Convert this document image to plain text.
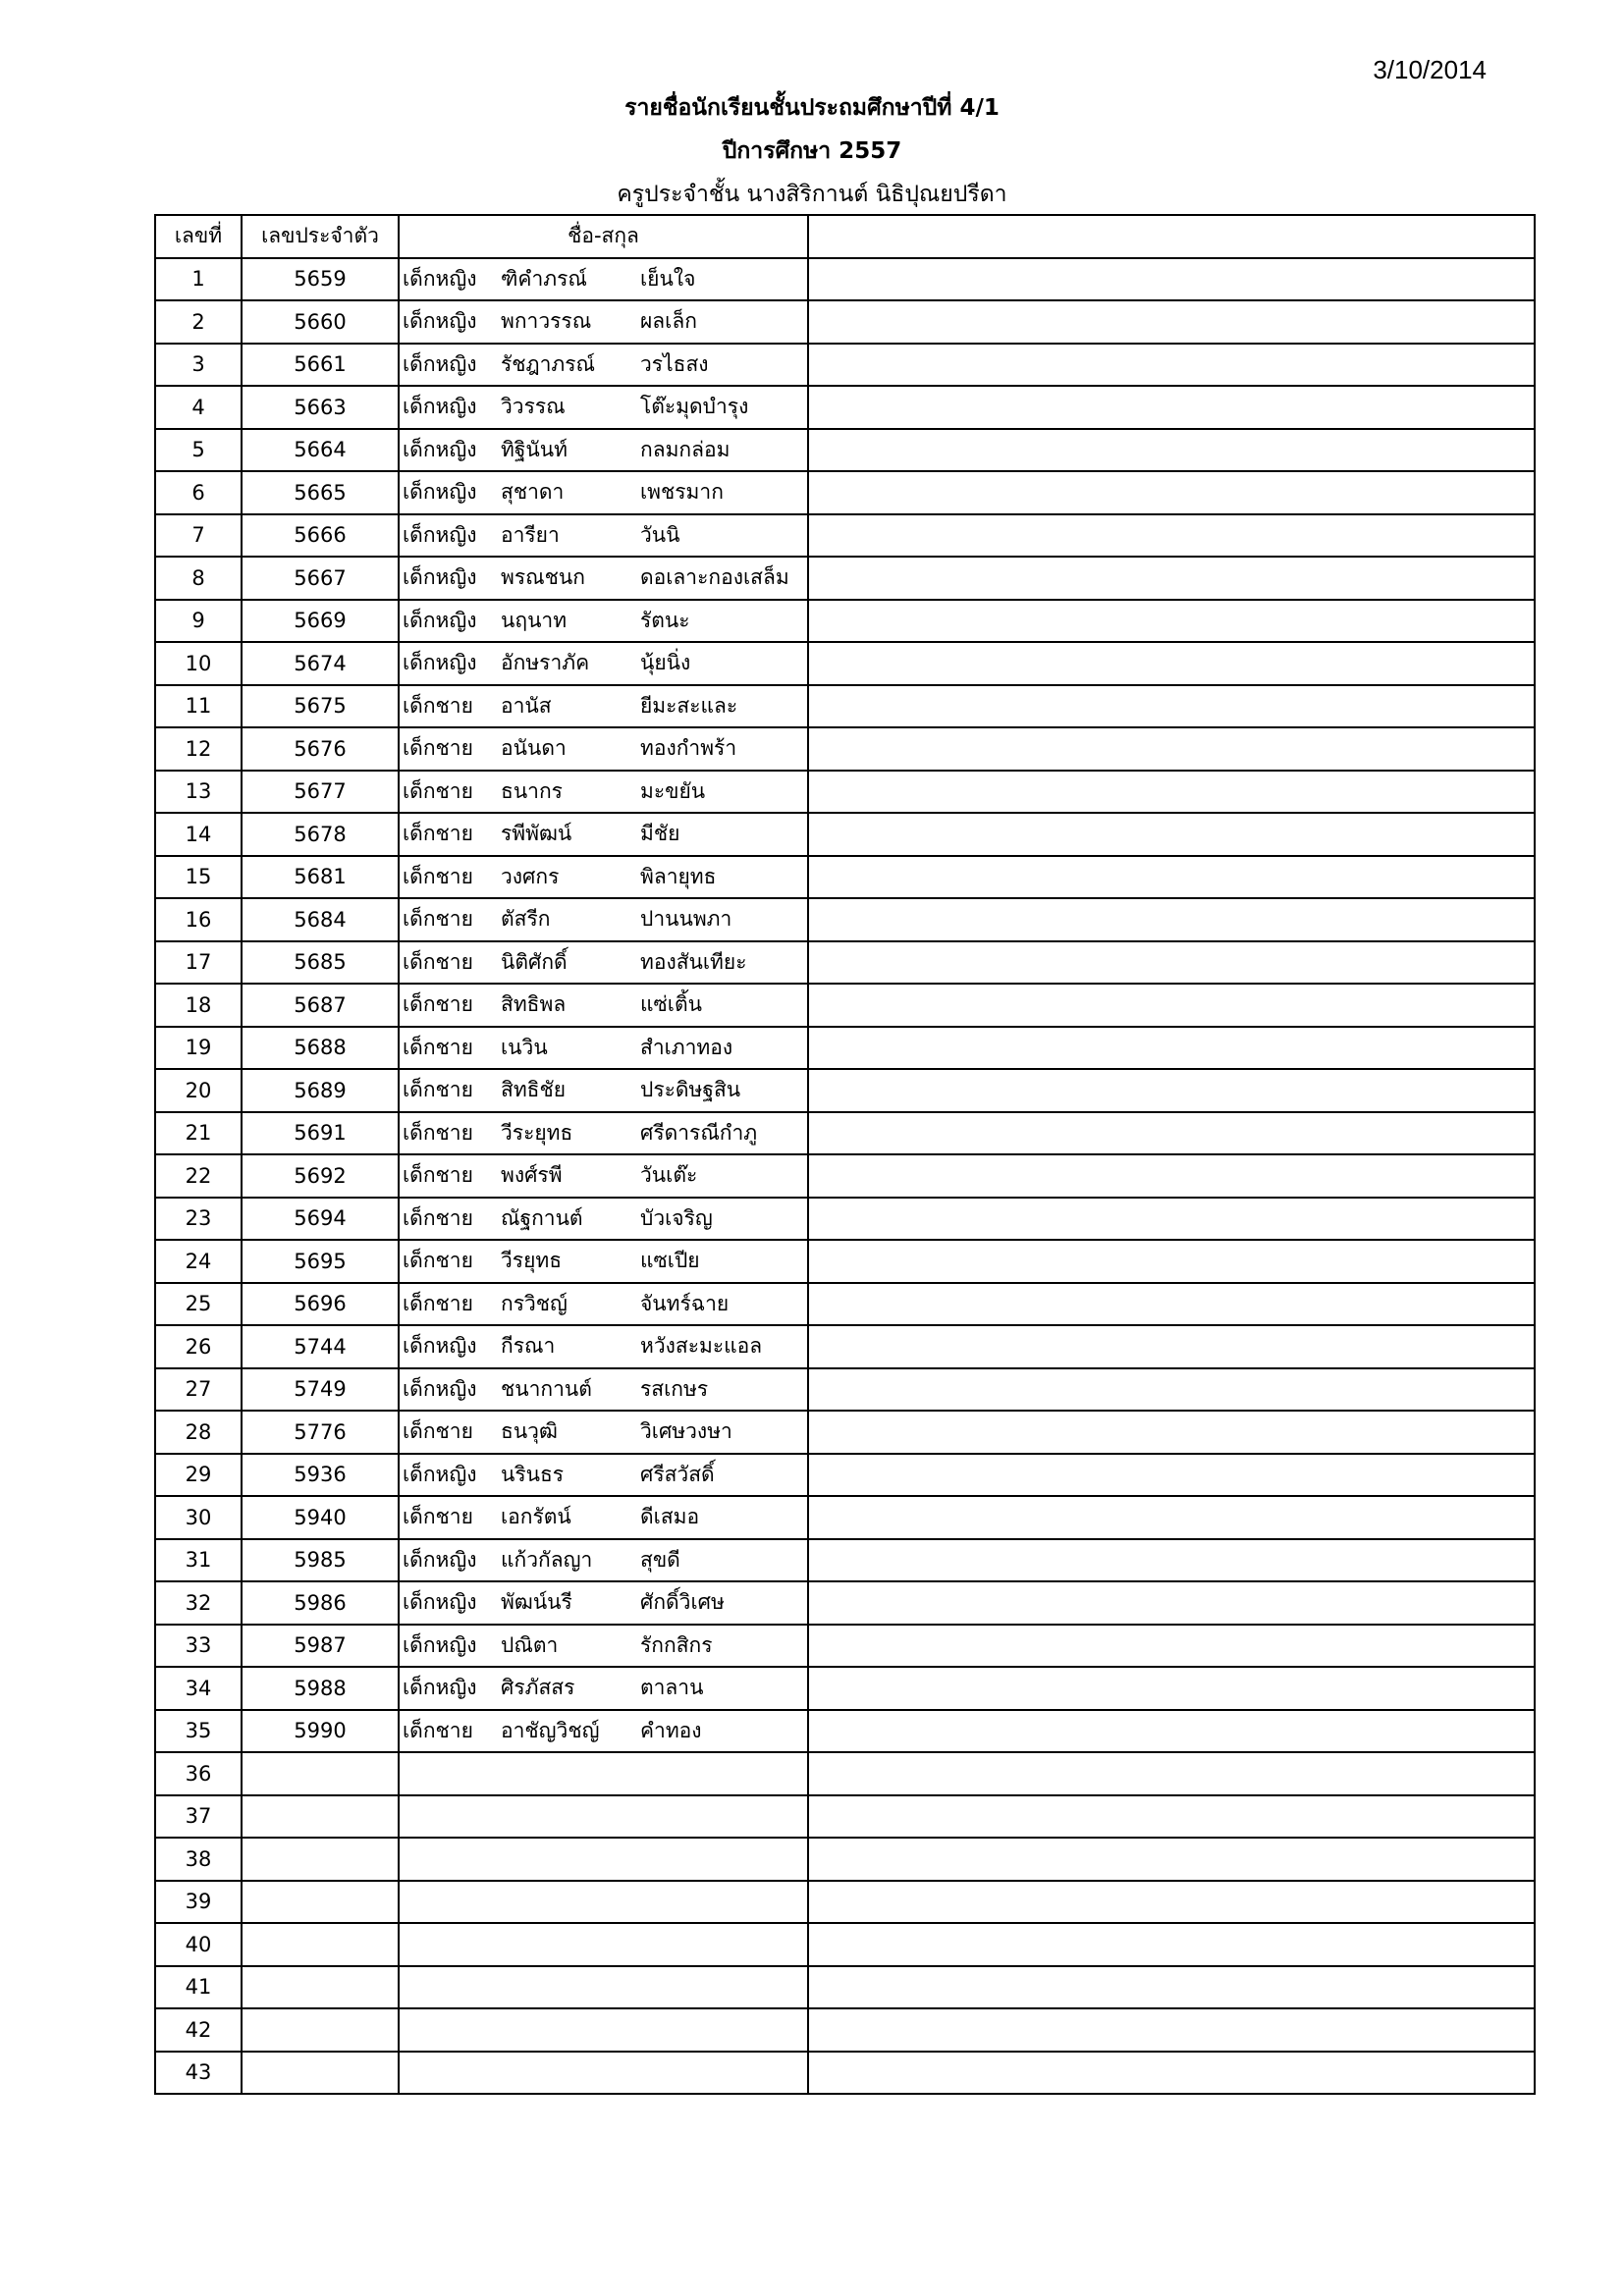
3/10/2014
รายชื่อนักเรียนชั้นประถมศึกษาปีที่ 4/1
ปีการศึกษา 2557
ครูประจำชั้น นางสิริกานต์ นิธิปุณยปรีดา
เลขที่	เลขประจำตัว	ชื่อ-สกุล	
1	5659	เด็กหญิง ฑิคำภรณ์ เย็นใจ	
2	5660	เด็กหญิง พกาวรรณ ผลเล็ก	
3	5661	เด็กหญิง รัชฎาภรณ์ วรไธสง	
4	5663	เด็กหญิง วิวรรณ โต๊ะมุดบำรุง	
5	5664	เด็กหญิง ทิฐินันท์ กลมกล่อม	
6	5665	เด็กหญิง สุชาดา เพชรมาก	
7	5666	เด็กหญิง อารียา วันนิ	
8	5667	เด็กหญิง พรณชนก ดอเลาะกองเสล็ม	
9	5669	เด็กหญิง นฤนาท รัตนะ	
10	5674	เด็กหญิง อักษราภัค นุ้ยนิ่ง	
11	5675	เด็กชาย อานัส ยีมะสะและ	
12	5676	เด็กชาย อนันดา ทองกำพร้า	
13	5677	เด็กชาย ธนากร มะขยัน	
14	5678	เด็กชาย รพีพัฒน์ มีชัย	
15	5681	เด็กชาย วงศกร พิลายุทธ	
16	5684	เด็กชาย ตัสรีก ปานนพภา	
17	5685	เด็กชาย นิติศักดิ์ ทองสันเทียะ	
18	5687	เด็กชาย สิทธิพล แซ่เติ้น	
19	5688	เด็กชาย เนวิน สำเภาทอง	
20	5689	เด็กชาย สิทธิชัย ประดิษฐสิน	
21	5691	เด็กชาย วีระยุทธ ศรีดารณีกำภู	
22	5692	เด็กชาย พงศ์รพี วันเต๊ะ	
23	5694	เด็กชาย ณัฐกานต์ บัวเจริญ	
24	5695	เด็กชาย วีรยุทธ แซเปีย	
25	5696	เด็กชาย กรวิชญ์ จันทร์ฉาย	
26	5744	เด็กหญิง กีรณา หวังสะมะแอล	
27	5749	เด็กหญิง ชนากานต์ รสเกษร	
28	5776	เด็กชาย ธนวุฒิ วิเศษวงษา	
29	5936	เด็กหญิง นรินธร ศรีสวัสดิ์	
30	5940	เด็กชาย เอกรัตน์ ดีเสมอ	
31	5985	เด็กหญิง แก้วกัลญา สุขดี	
32	5986	เด็กหญิง พัฒน์นรี ศักดิ์วิเศษ	
33	5987	เด็กหญิง ปณิตา รักกสิกร	
34	5988	เด็กหญิง ศิรภัสสร ตาลาน	
35	5990	เด็กชาย อาชัญวิชญ์ คำทอง	
36			
37			
38			
39			
40			
41			
42			
43			
